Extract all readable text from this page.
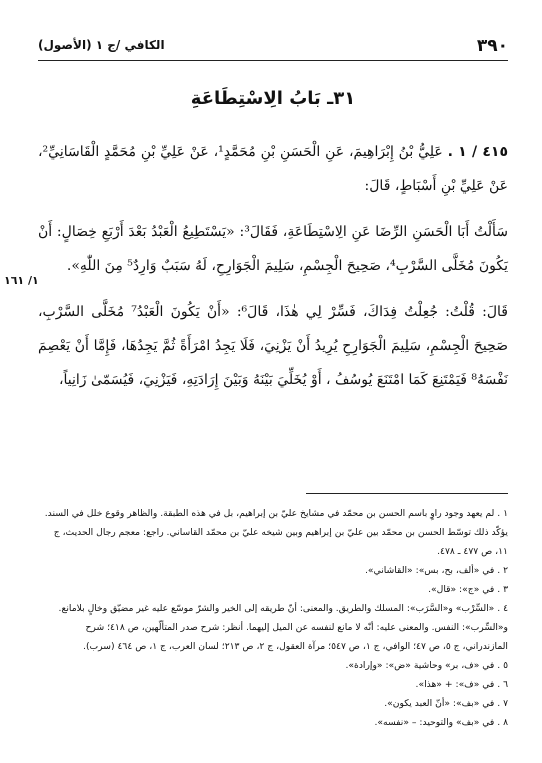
٣٩٠
الكافي /ج ١ (الأصول)
٣١ـ بَابُ الِاسْتِطَاعَةِ
١/ ١٦١

٤١٥ / ١ . عَلِيُّ بْنُ إِبْرَاهِيمَ، عَنِ الْحَسَنِ بْنِ مُحَمَّدٍ¹، عَنْ عَلِيِّ بْنِ مُحَمَّدٍ الْقَاسَانِيِّ²، عَنْ عَلِيِّ بْنِ أَسْبَاطٍ، قَالَ:

سَأَلْتُ أَبَا الْحَسَنِ الرِّضَا عَنِ الِاسْتِطَاعَةِ، فَقَالَ³: «يَسْتَطِيعُ الْعَبْدُ بَعْدَ أَرْبَعِ خِصَالٍ: أَنْ يَكُونَ مُخَلَّى السَّرْبِ⁴، صَحِيحَ الْجِسْمِ، سَلِيمَ الْجَوَارِحِ، لَهُ سَبَبٌ وَارِدٌ⁵ مِنَ اللّٰهِ».

قَالَ: قُلْتُ: جُعِلْتُ فِدَاكَ، فَسِّرْ لِي هٰذَا، قَالَ⁶: «أَنْ يَكُونَ الْعَبْدُ⁷ مُخَلَّى السَّرْبِ، صَحِيحَ الْجِسْمِ، سَلِيمَ الْجَوَارِحِ يُرِيدُ أَنْ يَزْنِيَ، فَلَا يَجِدُ امْرَأَةً ثُمَّ يَجِدُهَا، فَإِمَّا أَنْ يَعْصِمَ نَفْسَهُ⁸ فَيَمْتَنِعَ كَمَا امْتَنَعَ يُوسُفُ ، أَوْ يُخَلِّيَ بَيْنَهُ وَبَيْنَ إِرَادَتِهِ، فَيَزْنِيَ، فَيُسَمّىٰ زَانِياً،

١ . لم يعهد وجود راوٍ باسم الحسن بن محمّد في مشايخ عليّ بن إبراهيم، بل في هذه الطبقة. والظاهر وقوع خلل في السند. يؤكّد ذلك توسّط الحسن بن محمّد بين عليّ بن إبراهيم وبين شيخه عليّ بن محمّد القاساني. راجع: معجم رجال الحديث، ج ١١، ص ٤٧٧ ـ ٤٧٨.

٢ . في «ألف، بح، بس»: «القاشاني».

٣ . في «ج»: «قال».

٤ . «السِّرْب» و«السَّرَب»: المسلك والطريق. والمعنى: أنّ طريقه إلى الخير والشرّ موسّع عليه غير مضيّق وخالٍ بلامانع. و«السِّرب»: النفس. والمعنى عليه: أنّه لا مانع لنفسه عن الميل إليهما. أنظر: شرح صدر المتألّهين، ص ٤١٨؛ شرح المازندراني، ج ٥، ص ٤٧؛ الوافي، ج ١، ص ٥٤٧؛ مرآة العقول، ج ٢، ص ٢١٣؛ لسان العرب، ج ١، ص ٤٦٤ (سرب).

٥ . في «ف، بر» وحاشية «ض»: «وإرادة».

٦ . في «ف»: + «هذا».

٧ . في «بف»: «أنّ العبد يكون».

٨ . في «بف» والتوحيد: – «نفسه».
